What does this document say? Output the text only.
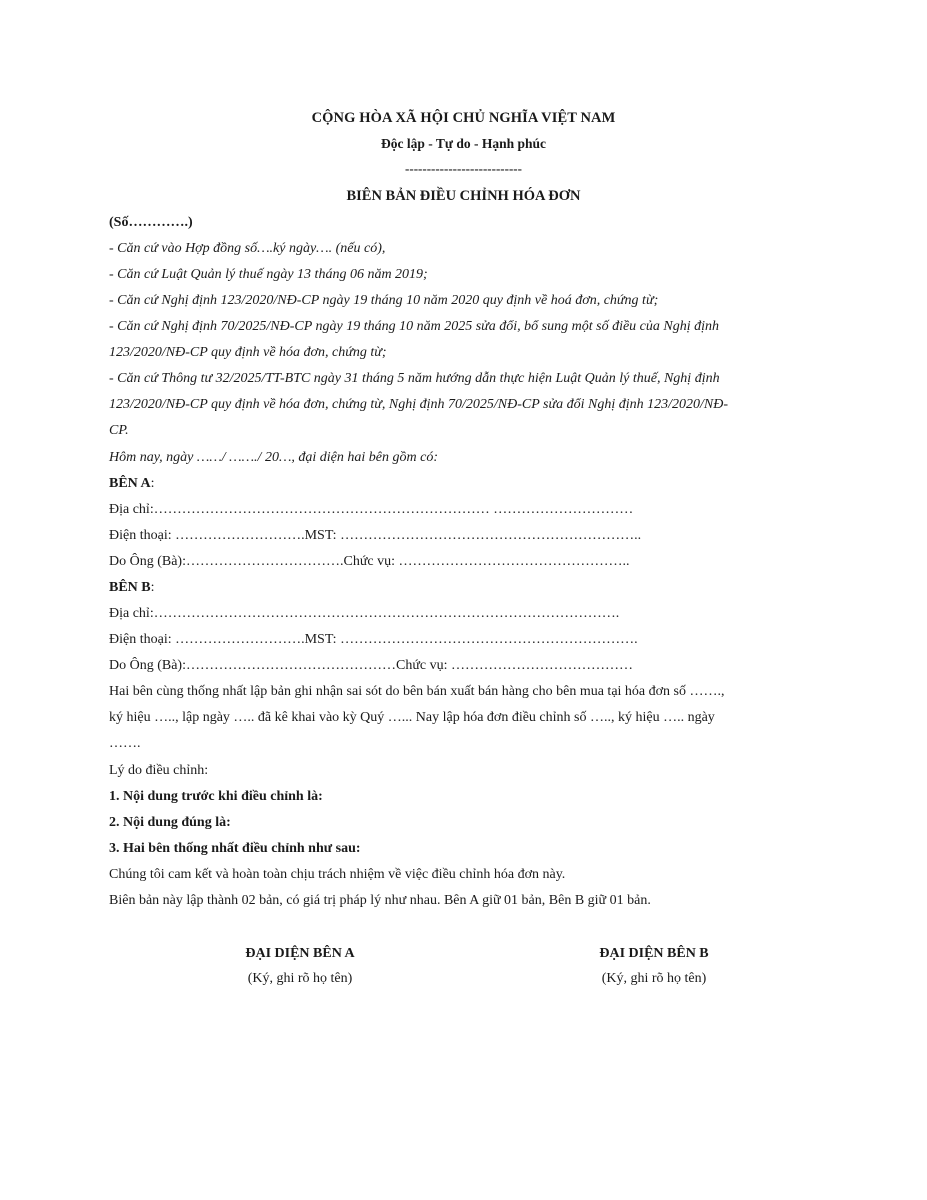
CỘNG HÒA XÃ HỘI CHỦ NGHĨA VIỆT NAM
Độc lập - Tự do - Hạnh phúc
---------------------------
BIÊN BẢN ĐIỀU CHỈNH HÓA ĐƠN
(Số………….)
- Căn cứ vào Hợp đồng số….ký ngày…. (nếu có),
- Căn cứ Luật Quản lý thuế ngày 13 tháng 06 năm 2019;
- Căn cứ Nghị định 123/2020/NĐ-CP ngày 19 tháng 10 năm 2020 quy định về hoá đơn, chứng từ;
- Căn cứ Nghị định 70/2025/NĐ-CP ngày 19 tháng 10 năm 2025 sửa đổi, bổ sung một số điều của Nghị định
123/2020/NĐ-CP quy định về hóa đơn, chứng từ;
- Căn cứ Thông tư 32/2025/TT-BTC ngày 31 tháng 5 năm hướng dẫn thực hiện Luật Quản lý thuế, Nghị định
123/2020/NĐ-CP quy định về hóa đơn, chứng từ, Nghị định 70/2025/NĐ-CP sửa đổi Nghị định 123/2020/NĐ-
CP.
Hôm nay, ngày ……/ ……./ 20…, đại diện hai bên gồm có:
BÊN A:
Địa chỉ:……………………………………………………………… …………………………
Điện thoại: ……………………….MST: ………………………………………………………..
Do Ông (Bà):…………………………….Chức vụ: …………………………………………..
BÊN B:
Địa chỉ:……………………………………………………………………………………….
Điện thoại: ……………………….MST: ……………………………………………………….
Do Ông (Bà):………………………………………Chức vụ: …………………………………
Hai bên cùng thống nhất lập bản ghi nhận sai sót do bên bán xuất bán hàng cho bên mua tại hóa đơn số …….,
ký hiệu ….., lập ngày ….. đã kê khai vào kỳ Quý …... Nay lập hóa đơn điều chỉnh số ….., ký hiệu ….. ngày
…….
Lý do điều chỉnh:
1. Nội dung trước khi điều chỉnh là:
2. Nội dung đúng là:
3. Hai bên thống nhất điều chỉnh như sau:
Chúng tôi cam kết và hoàn toàn chịu trách nhiệm về việc điều chỉnh hóa đơn này.
Biên bản này lập thành 02 bản, có giá trị pháp lý như nhau. Bên A giữ 01 bản, Bên B giữ 01 bản.
ĐẠI DIỆN BÊN A
(Ký, ghi rõ họ tên)
ĐẠI DIỆN BÊN B
(Ký, ghi rõ họ tên)
